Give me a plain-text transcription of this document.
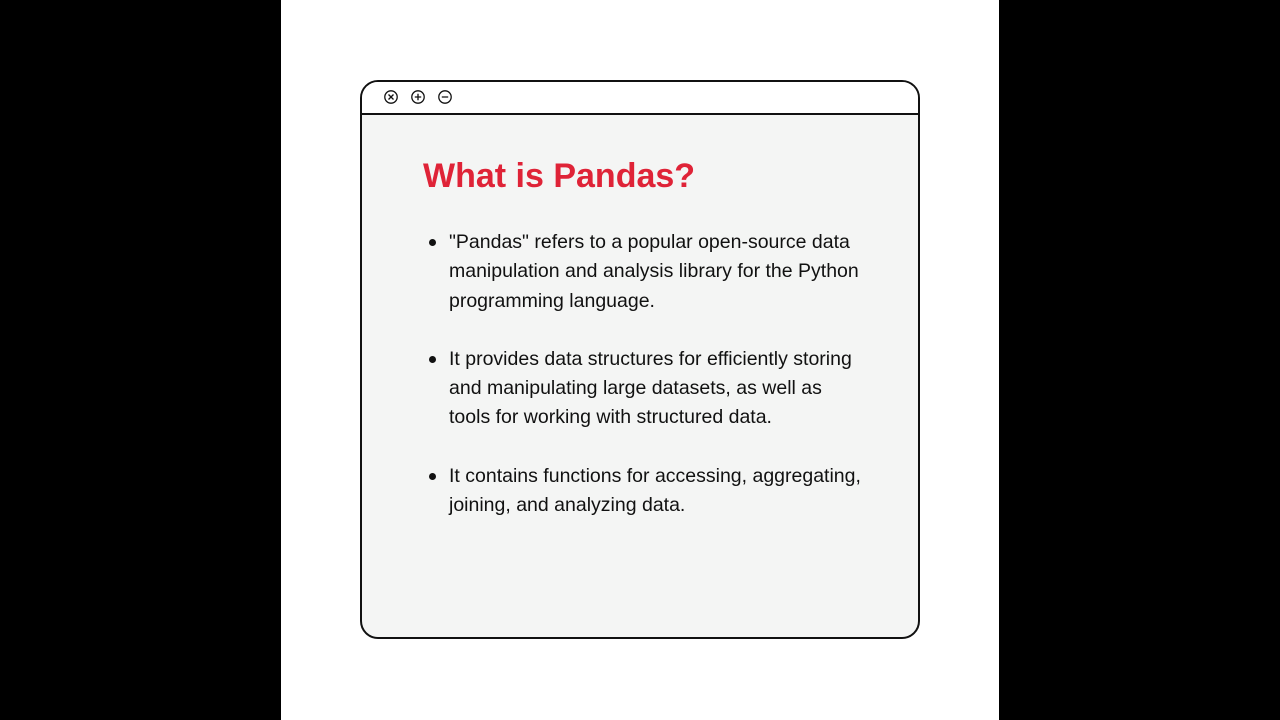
What is Pandas?
"Pandas" refers to a popular open-source data manipulation and analysis library for the Python programming language.
It provides data structures for efficiently storing and manipulating large datasets, as well as tools for working with structured data.
It contains functions for accessing, aggregating, joining, and analyzing data.
